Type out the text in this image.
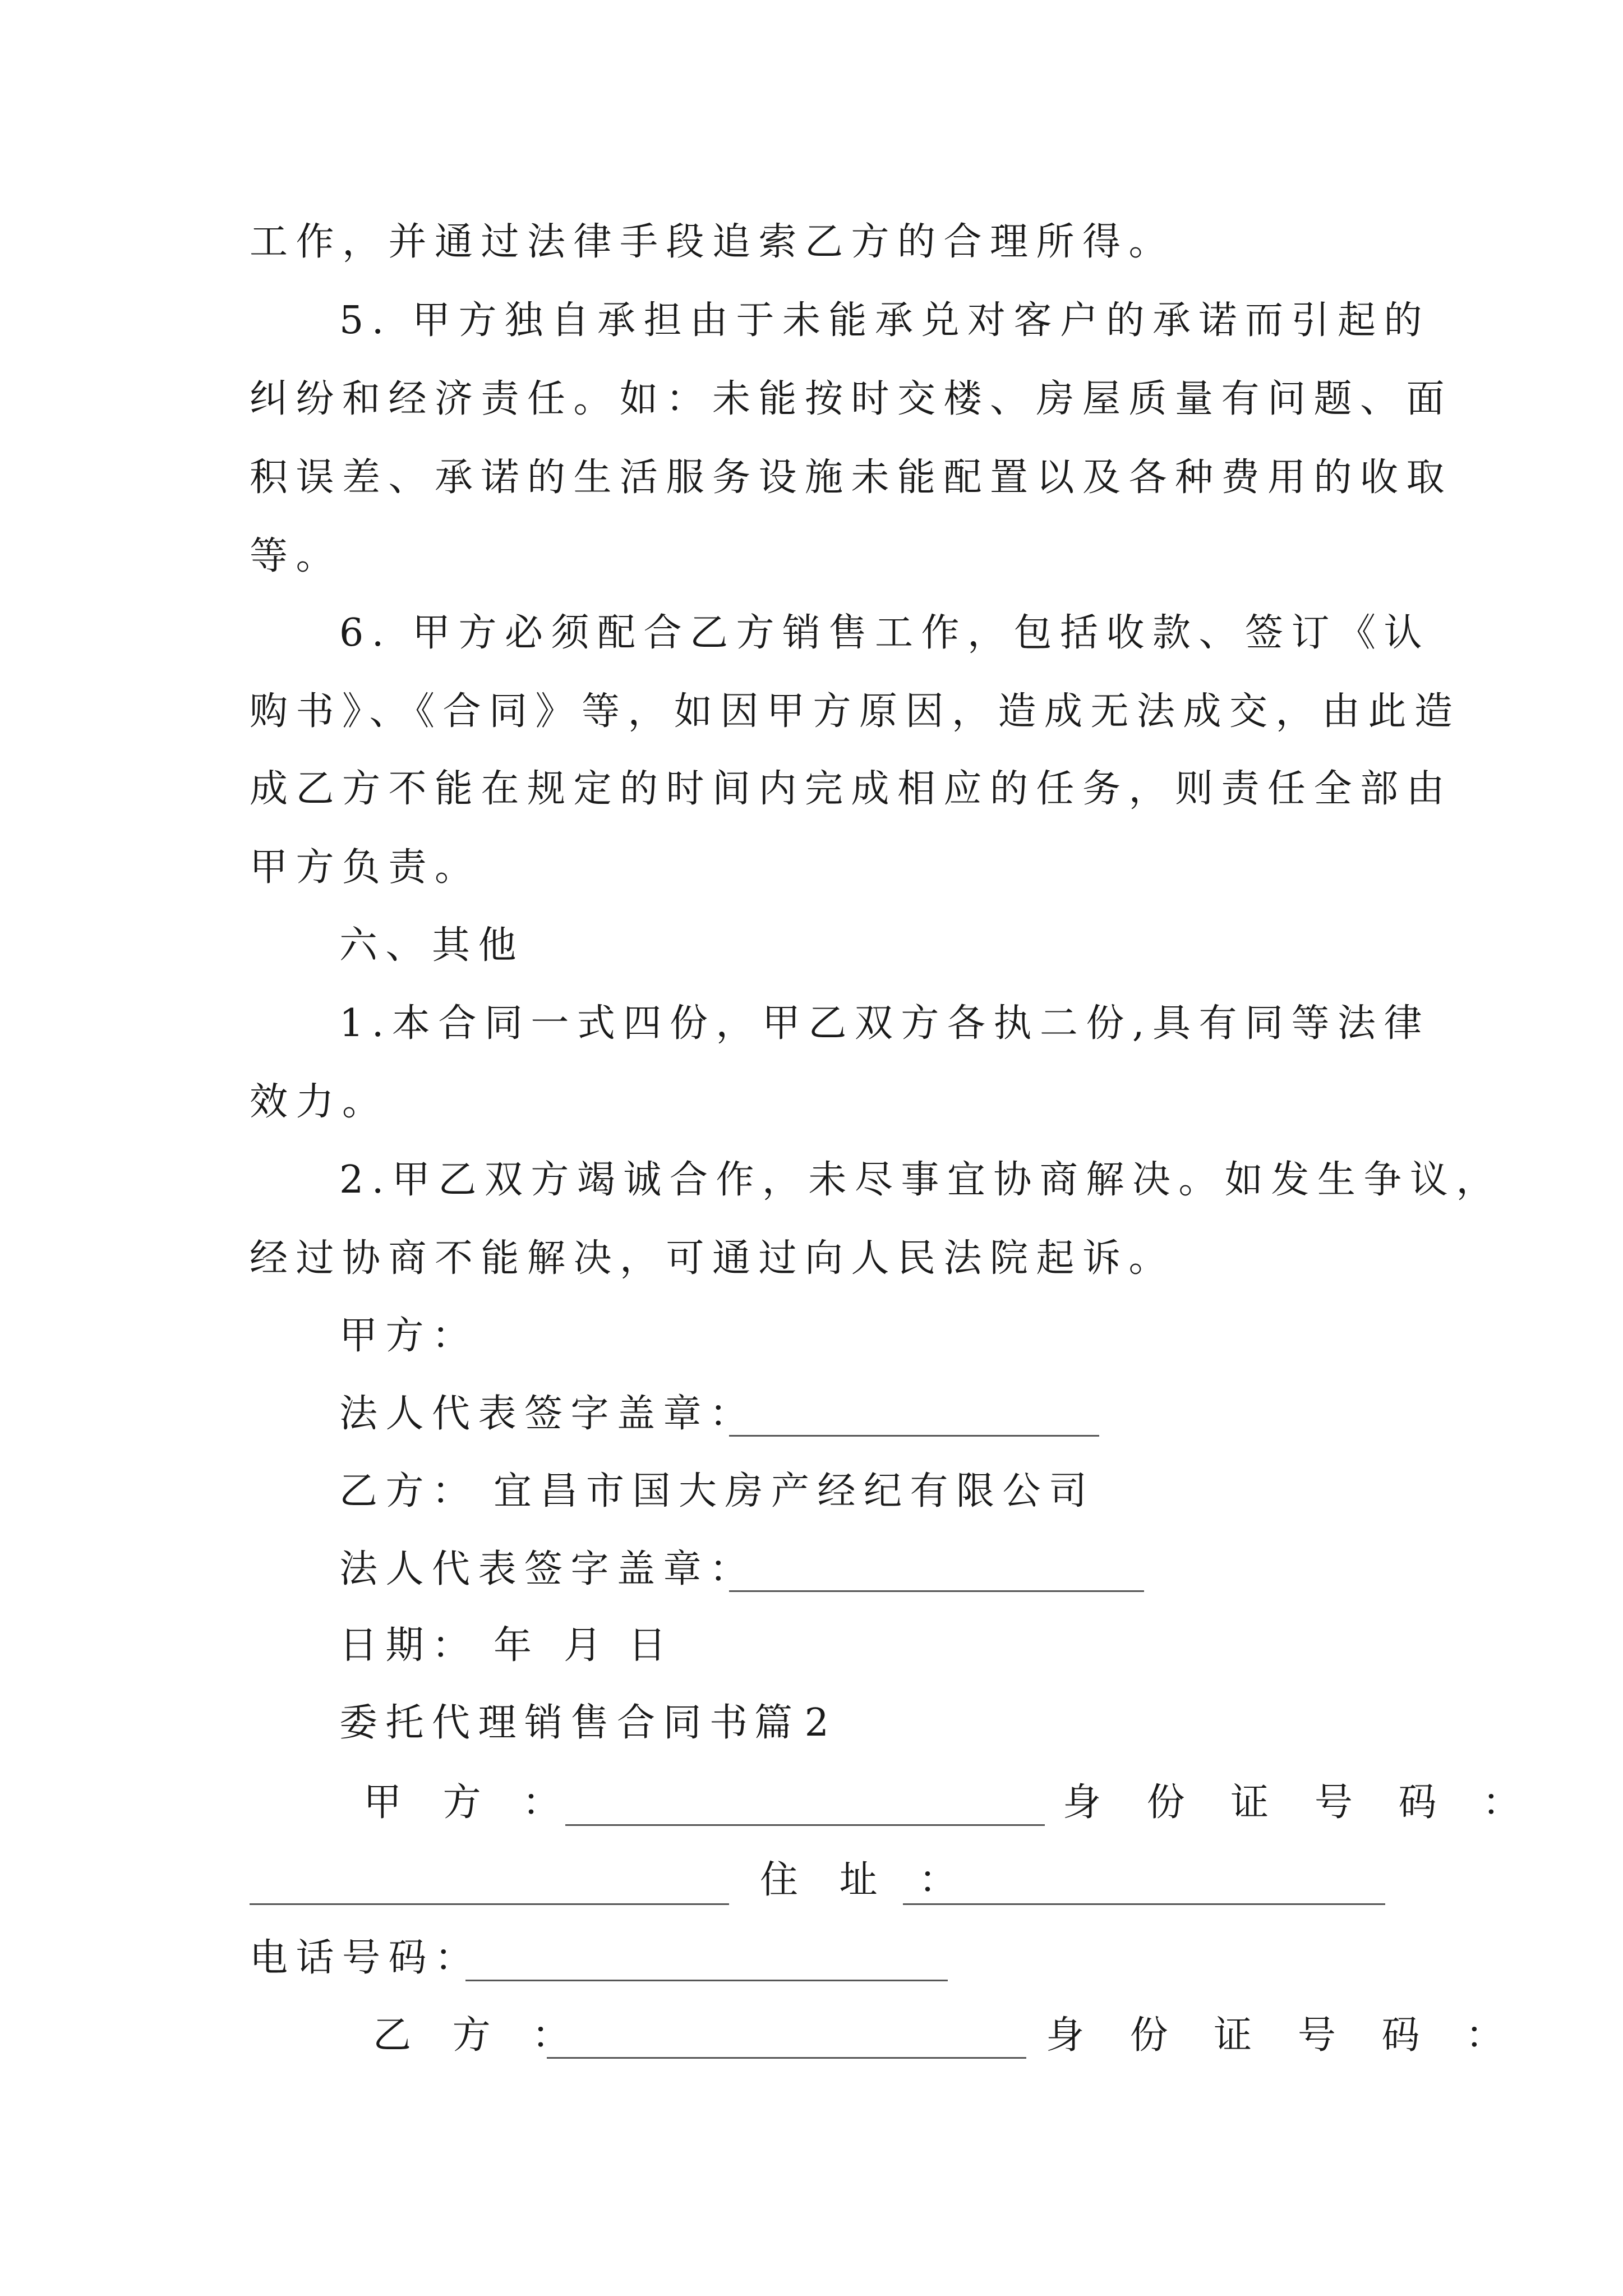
工作，并通过法律手段追索乙方的合理所得。
5. 甲方独自承担由于未能承兑对客户的承诺而引起的
纠纷和经济责任。如：未能按时交楼、房屋质量有问题、面
积误差、承诺的生活服务设施未能配置以及各种费用的收取
等。
6. 甲方必须配合乙方销售工作，包括收款、签订《认
购书》、《合同》等，如因甲方原因，造成无法成交，由此造
成乙方不能在规定的时间内完成相应的任务，则责任全部由
甲方负责。
六、其他
1.本合同一式四份，甲乙双方各执二份,具有同等法律
效力。
2.甲乙双方竭诚合作，未尽事宜协商解决。如发生争议，
经过协商不能解决，可通过向人民法院起诉。
甲方：
法人代表签字盖章：
乙方： 宜昌市国大房产经纪有限公司
法人代表签字盖章：
日期： 年 月 日
委托代理销售合同书
篇 2
甲 方 ：	身 份 证 号 码 ：
住 址 ：
电话号码：
乙 方 ：	身 份 证 号 码 ：
